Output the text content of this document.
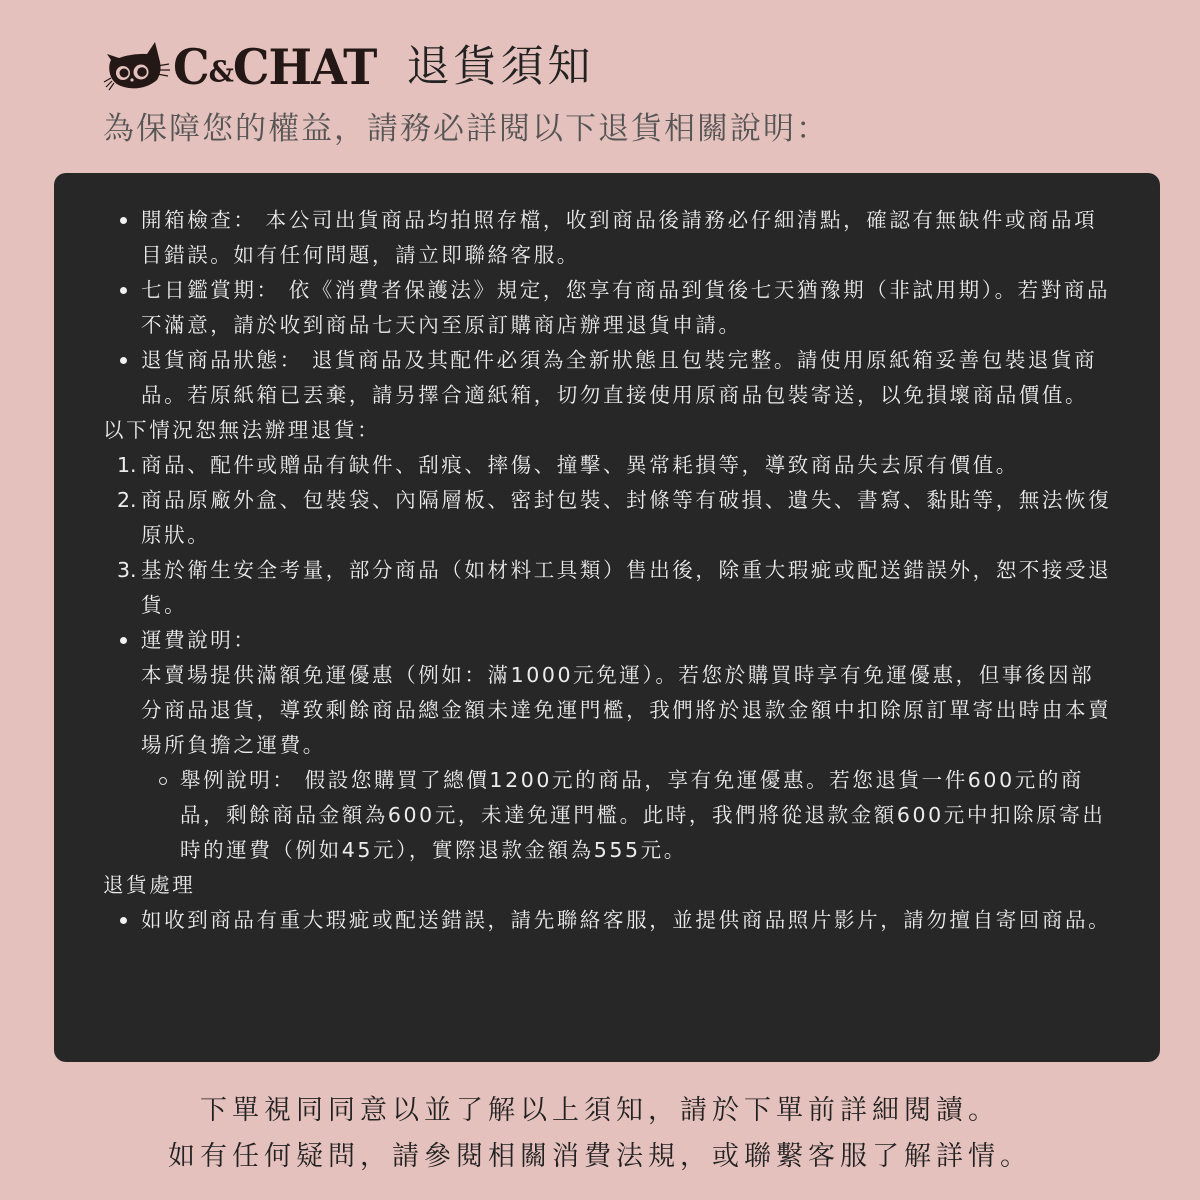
C&CHAT 退貨須知
為保障您的權益，請務必詳閱以下退貨相關說明：
開箱檢查： 本公司出貨商品均拍照存檔，收到商品後請務必仔細清點，確認有無缺件或商品項目錯誤。如有任何問題，請立即聯絡客服。
七日鑑賞期： 依《消費者保護法》規定，您享有商品到貨後七天猶豫期（非試用期）。若對商品不滿意，請於收到商品七天內至原訂購商店辦理退貨申請。
退貨商品狀態： 退貨商品及其配件必須為全新狀態且包裝完整。請使用原紙箱妥善包裝退貨商品。若原紙箱已丟棄，請另擇合適紙箱，切勿直接使用原商品包裝寄送，以免損壞商品價值。
以下情況恕無法辦理退貨：
1. 商品、配件或贈品有缺件、刮痕、摔傷、撞擊、異常耗損等，導致商品失去原有價值。
2. 商品原廠外盒、包裝袋、內隔層板、密封包裝、封條等有破損、遺失、書寫、黏貼等，無法恢復原狀。
3. 基於衛生安全考量，部分商品（如材料工具類）售出後，除重大瑕疵或配送錯誤外，恕不接受退貨。
運費說明：
本賣場提供滿額免運優惠（例如：滿1000元免運）。若您於購買時享有免運優惠，但事後因部分商品退貨，導致剩餘商品總金額未達免運門檻，我們將於退款金額中扣除原訂單寄出時由本賣場所負擔之運費。
舉例說明： 假設您購買了總價1200元的商品，享有免運優惠。若您退貨一件600元的商品，剩餘商品金額為600元，未達免運門檻。此時，我們將從退款金額600元中扣除原寄出時的運費（例如45元），實際退款金額為555元。
退貨處理
如收到商品有重大瑕疵或配送錯誤，請先聯絡客服，並提供商品照片影片，請勿擅自寄回商品。
下單視同同意以並了解以上須知，請於下單前詳細閱讀。
如有任何疑問，請參閱相關消費法規，或聯繫客服了解詳情。
